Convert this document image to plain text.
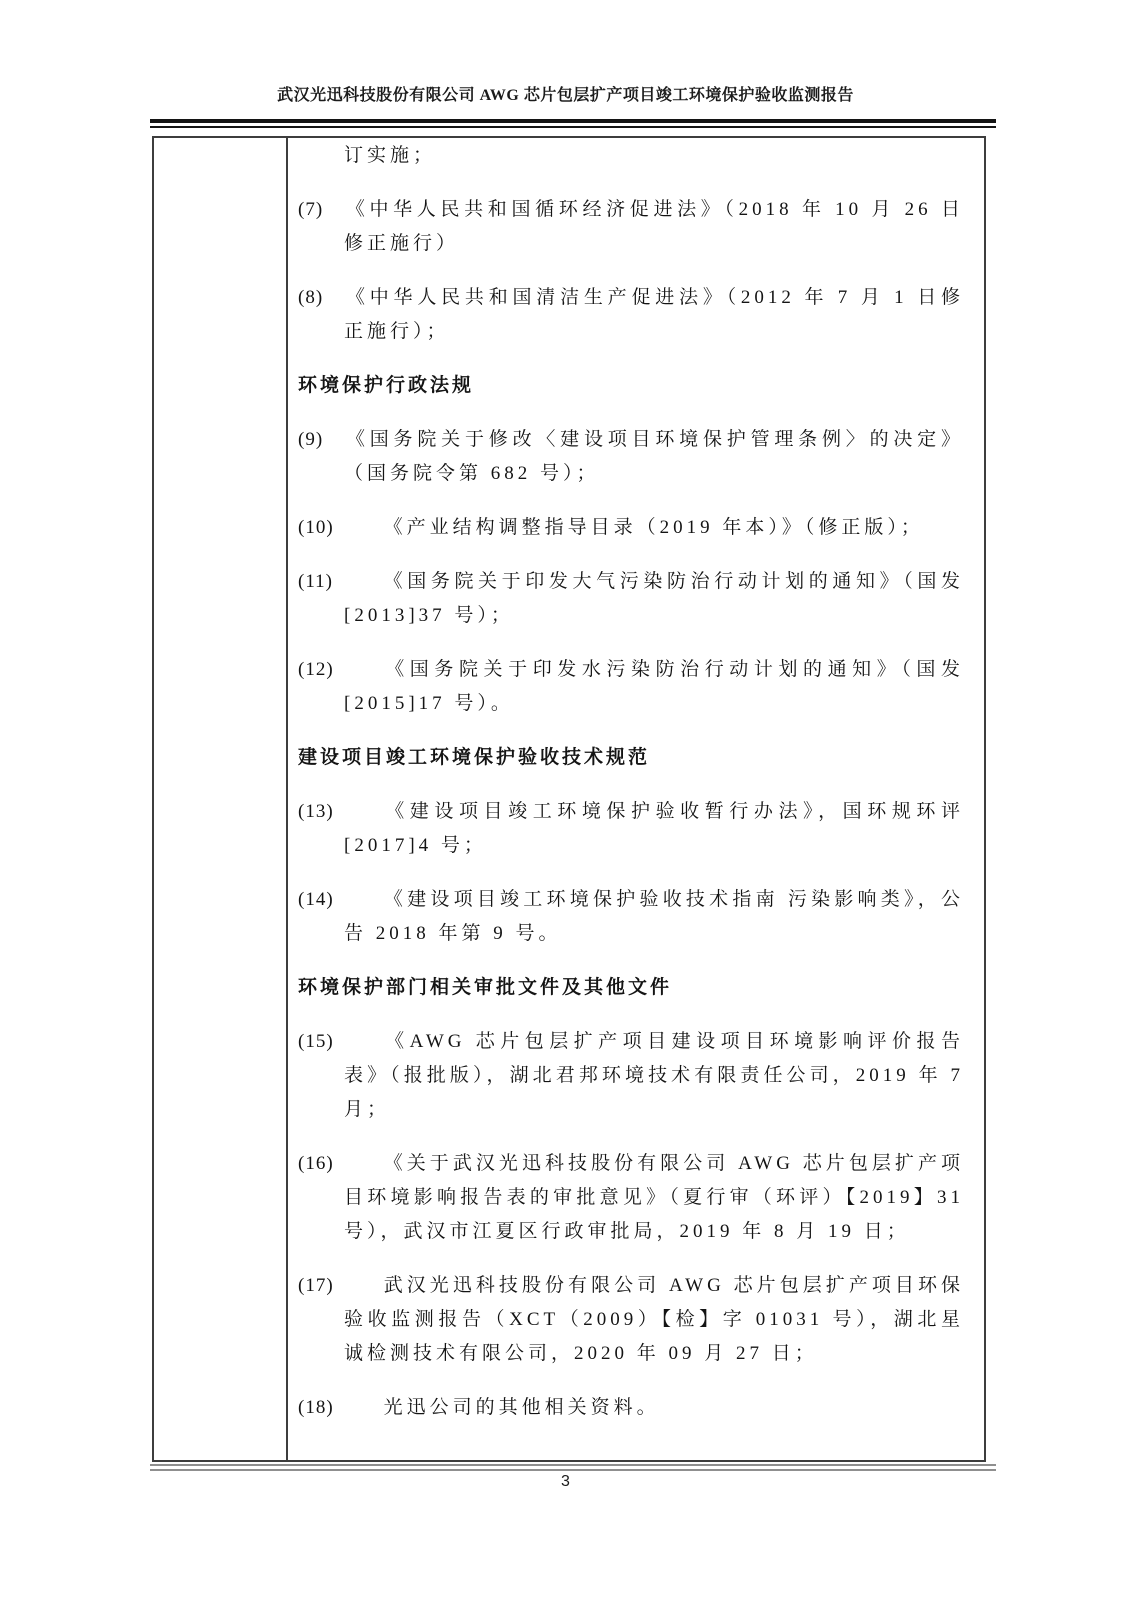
武汉光迅科技股份有限公司 AWG 芯片包层扩产项目竣工环境保护验收监测报告
订实施；
(7) 《中华人民共和国循环经济促进法》（2018 年 10 月 26 日修正施行）
(8) 《中华人民共和国清洁生产促进法》（2012 年 7 月 1 日修正施行）；
环境保护行政法规
(9) 《国务院关于修改〈建设项目环境保护管理条例〉的决定》（国务院令第 682 号）；
(10)	《产业结构调整指导目录（2019 年本）》（修正版）；
(11)	《国务院关于印发大气污染防治行动计划的通知》（国发[2013]37 号）；
(12)	《国务院关于印发水污染防治行动计划的通知》（国发[2015]17 号）。
建设项目竣工环境保护验收技术规范
(13)	《建设项目竣工环境保护验收暂行办法》，国环规环评[2017]4 号；
(14)	《建设项目竣工环境保护验收技术指南 污染影响类》，公告 2018 年第 9 号。
环境保护部门相关审批文件及其他文件
(15)	《AWG 芯片包层扩产项目建设项目环境影响评价报告表》（报批版），湖北君邦环境技术有限责任公司，2019 年 7 月；
(16)	《关于武汉光迅科技股份有限公司 AWG 芯片包层扩产项目环境影响报告表的审批意见》（夏行审（环评）【2019】31 号），武汉市江夏区行政审批局，2019 年 8 月 19 日；
(17)	武汉光迅科技股份有限公司 AWG 芯片包层扩产项目环保验收监测报告（XCT（2009）【检】字 01031 号），湖北星诚检测技术有限公司，2020 年 09 月 27 日；
(18)	光迅公司的其他相关资料。
3
